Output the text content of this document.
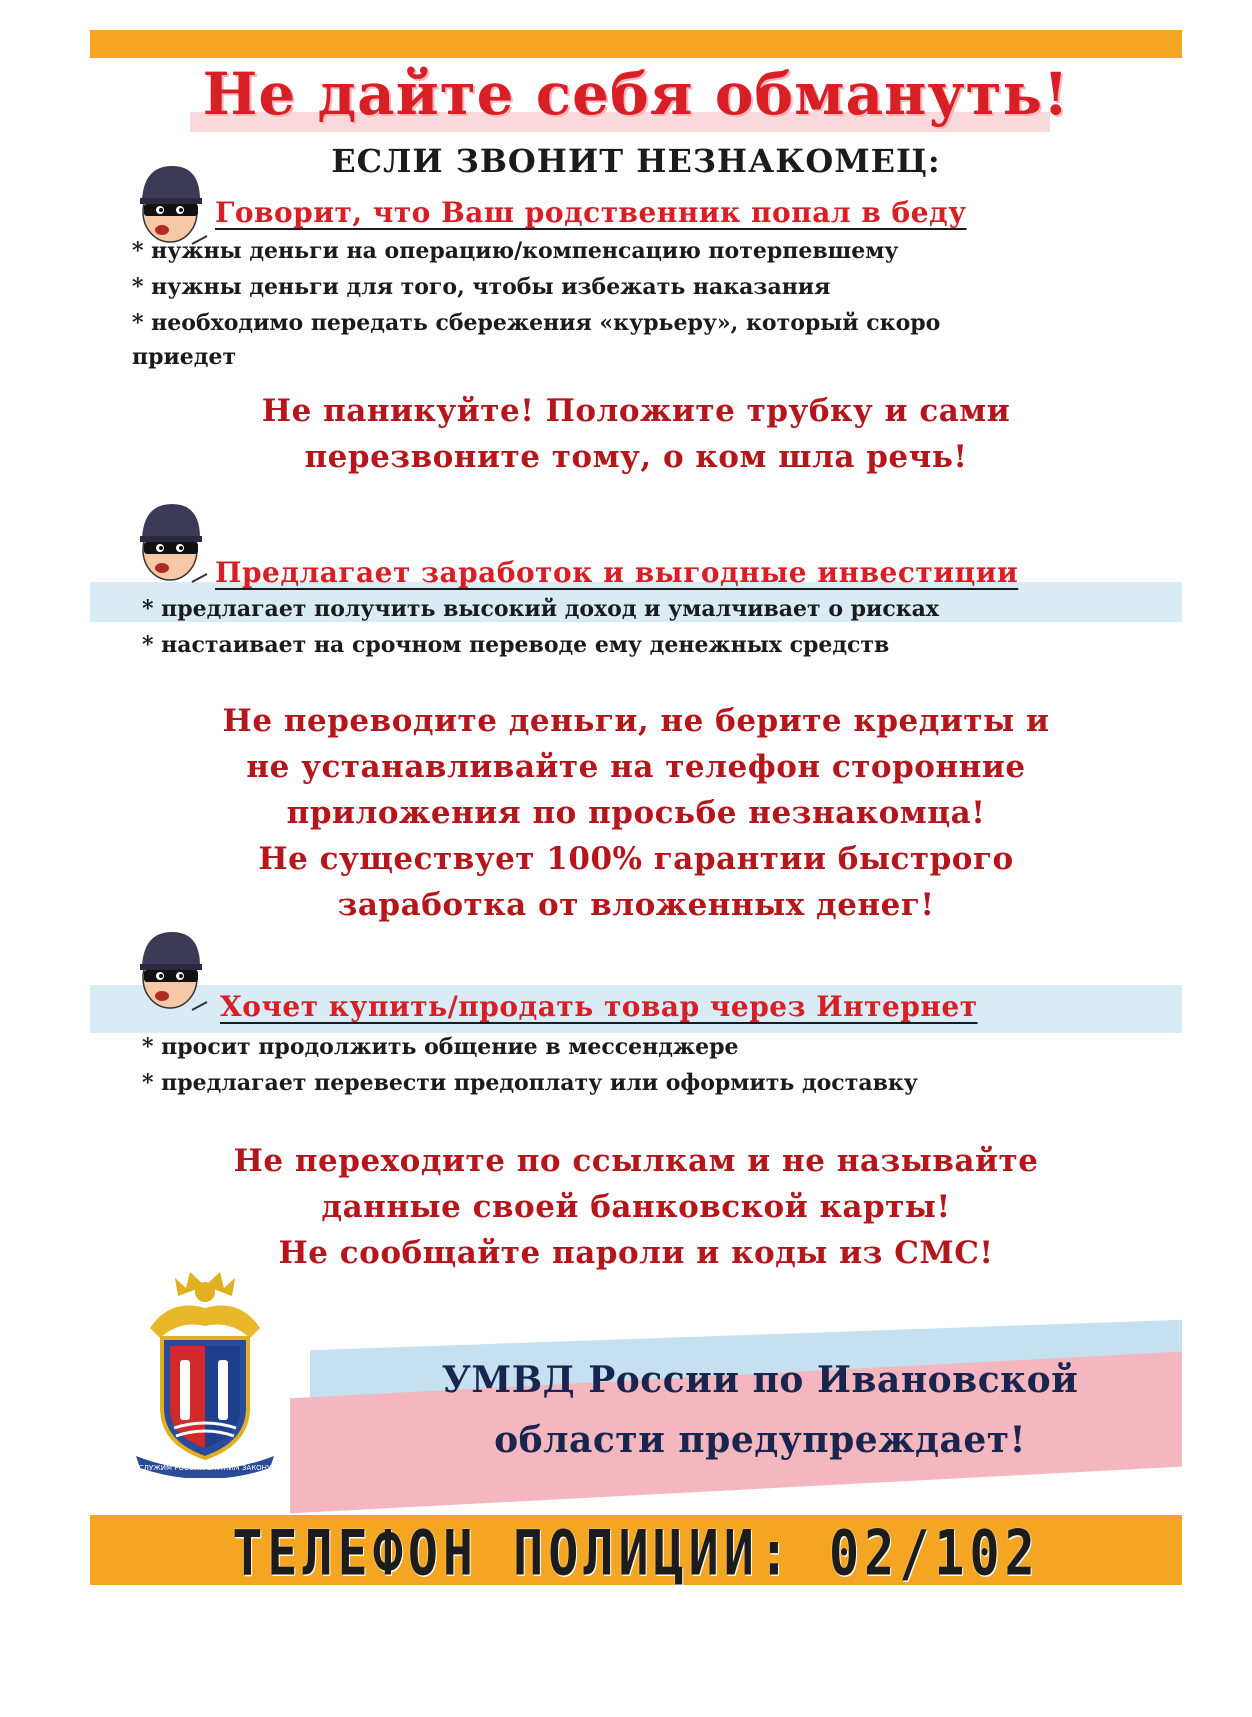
Не дайте себя обмануть!
ЕСЛИ ЗВОНИТ НЕЗНАКОМЕЦ:
Говорит, что Ваш родственник попал в беду
* нужны деньги на операцию/компенсацию потерпевшему
* нужны деньги для того, чтобы избежать наказания
* необходимо передать сбережения «курьеру», который скоро
приедет
Не паникуйте! Положите трубку и сами
перезвоните тому, о ком шла речь!
Предлагает заработок и выгодные инвестиции
* предлагает получить высокий доход и умалчивает о рисках
* настаивает на срочном переводе ему денежных средств
Не переводите деньги, не берите кредиты и
не устанавливайте на телефон сторонние
приложения по просьбе незнакомца!
Не существует 100% гарантии быстрого
заработка от вложенных денег!
Хочет купить/продать товар через Интернет
* просит продолжить общение в мессенджере
* предлагает перевести предоплату или оформить доставку
Не переходите по ссылкам и не называйте
данные своей банковской карты!
Не сообщайте пароли и коды из СМС!
СЛУЖИМ РОССИИ СЛУЖИМ ЗАКОНУ
УМВД России по Ивановской
области предупреждает!
ТЕЛЕФОН ПОЛИЦИИ: 02/102
